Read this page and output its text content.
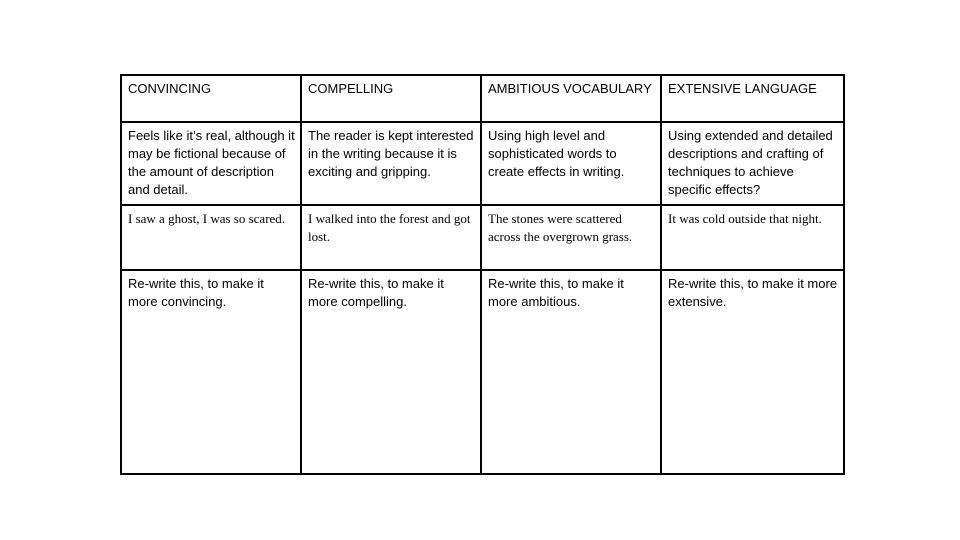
CONVINCING	COMPELLING	AMBITIOUS VOCABULARY	EXTENSIVE LANGUAGE
Feels like it’s real, although it may be fictional because of the amount of description and detail.	The reader is kept interested in the writing because it is exciting and gripping.	Using high level and sophisticated words to create effects in writing.	Using extended and detailed descriptions and crafting of techniques to achieve specific effects?
I saw a ghost, I was so scared.	I walked into the forest and got lost.	The stones were scattered across the overgrown grass.	It was cold outside that night.
Re-write this, to make it more convincing.	Re-write this, to make it more compelling.	Re-write this, to make it more ambitious.	Re-write this, to make it more extensive.
